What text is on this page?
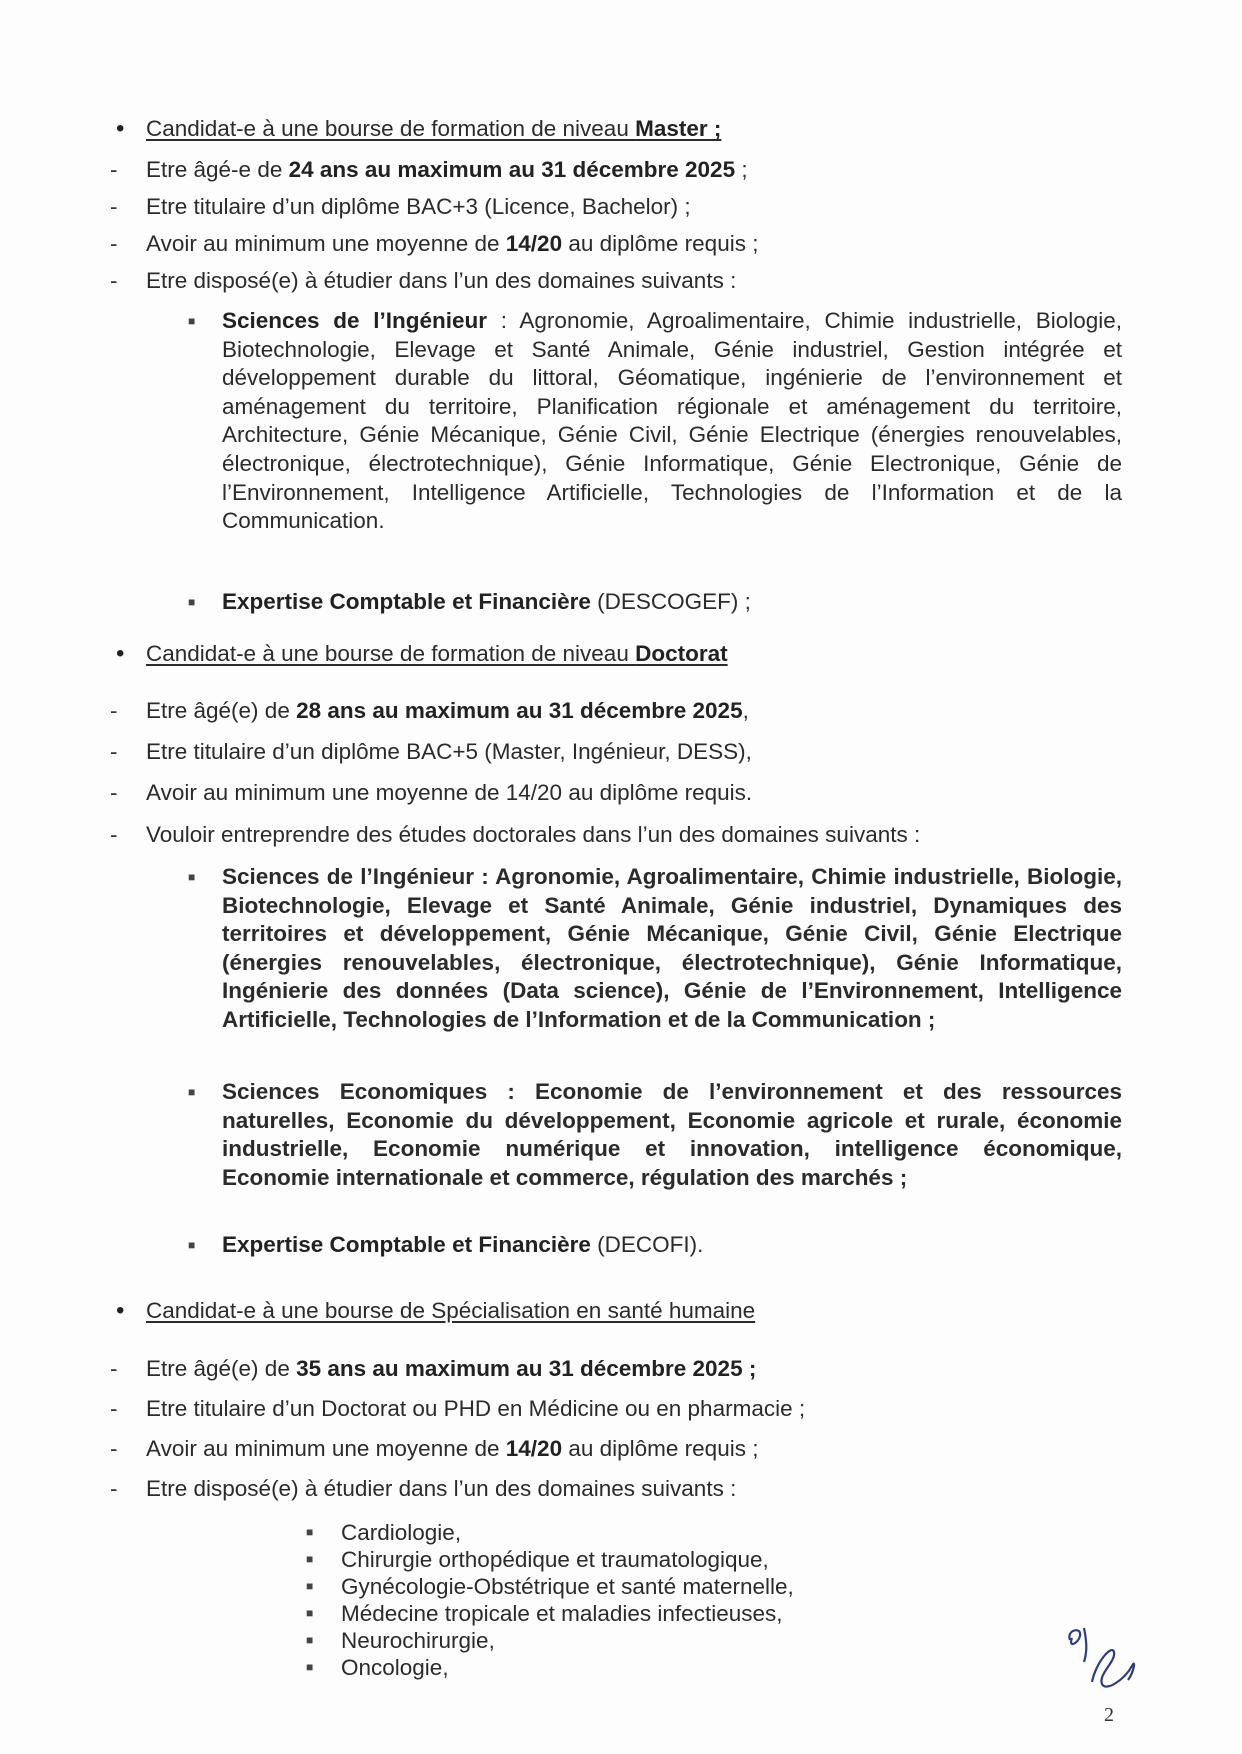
• Candidat-e à une bourse de formation de niveau Master ;
- Etre âgé-e de 24 ans au maximum au 31 décembre 2025 ;
- Etre titulaire d’un diplôme BAC+3 (Licence, Bachelor) ;
- Avoir au minimum une moyenne de 14/20 au diplôme requis ;
- Etre disposé(e) à étudier dans l’un des domaines suivants :
■ Sciences de l’Ingénieur : Agronomie, Agroalimentaire, Chimie industrielle, Biologie, Biotechnologie, Elevage et Santé Animale, Génie industriel, Gestion intégrée et développement durable du littoral, Géomatique, ingénierie de l’environnement et aménagement du territoire, Planification régionale et aménagement du territoire, Architecture, Génie Mécanique, Génie Civil, Génie Electrique (énergies renouvelables, électronique, électrotechnique), Génie Informatique, Génie Electronique, Génie de l’Environnement, Intelligence Artificielle, Technologies de l’Information et de la Communication.
■ Expertise Comptable et Financière (DESCOGEF) ;
• Candidat-e à une bourse de formation de niveau Doctorat
- Etre âgé(e) de 28 ans au maximum au 31 décembre 2025,
- Etre titulaire d’un diplôme BAC+5 (Master, Ingénieur, DESS),
- Avoir au minimum une moyenne de 14/20 au diplôme requis.
- Vouloir entreprendre des études doctorales dans l’un des domaines suivants :
■ Sciences de l’Ingénieur : Agronomie, Agroalimentaire, Chimie industrielle, Biologie, Biotechnologie, Elevage et Santé Animale, Génie industriel, Dynamiques des territoires et développement, Génie Mécanique, Génie Civil, Génie Electrique (énergies renouvelables, électronique, électrotechnique), Génie Informatique, Ingénierie des données (Data science), Génie de l’Environnement, Intelligence Artificielle, Technologies de l’Information et de la Communication ;
■ Sciences Economiques : Economie de l’environnement et des ressources naturelles, Economie du développement, Economie agricole et rurale, économie industrielle, Economie numérique et innovation, intelligence économique, Economie internationale et commerce, régulation des marchés ;
■ Expertise Comptable et Financière (DECOFI).
• Candidat-e à une bourse de Spécialisation en santé humaine
- Etre âgé(e) de 35 ans au maximum au 31 décembre 2025 ;
- Etre titulaire d’un Doctorat ou PHD en Médicine ou en pharmacie ;
- Avoir au minimum une moyenne de 14/20 au diplôme requis ;
- Etre disposé(e) à étudier dans l’un des domaines suivants :
■ Cardiologie,
■ Chirurgie orthopédique et traumatologique,
■ Gynécologie-Obstétrique et santé maternelle,
■ Médecine tropicale et maladies infectieuses,
■ Neurochirurgie,
■ Oncologie,
2
